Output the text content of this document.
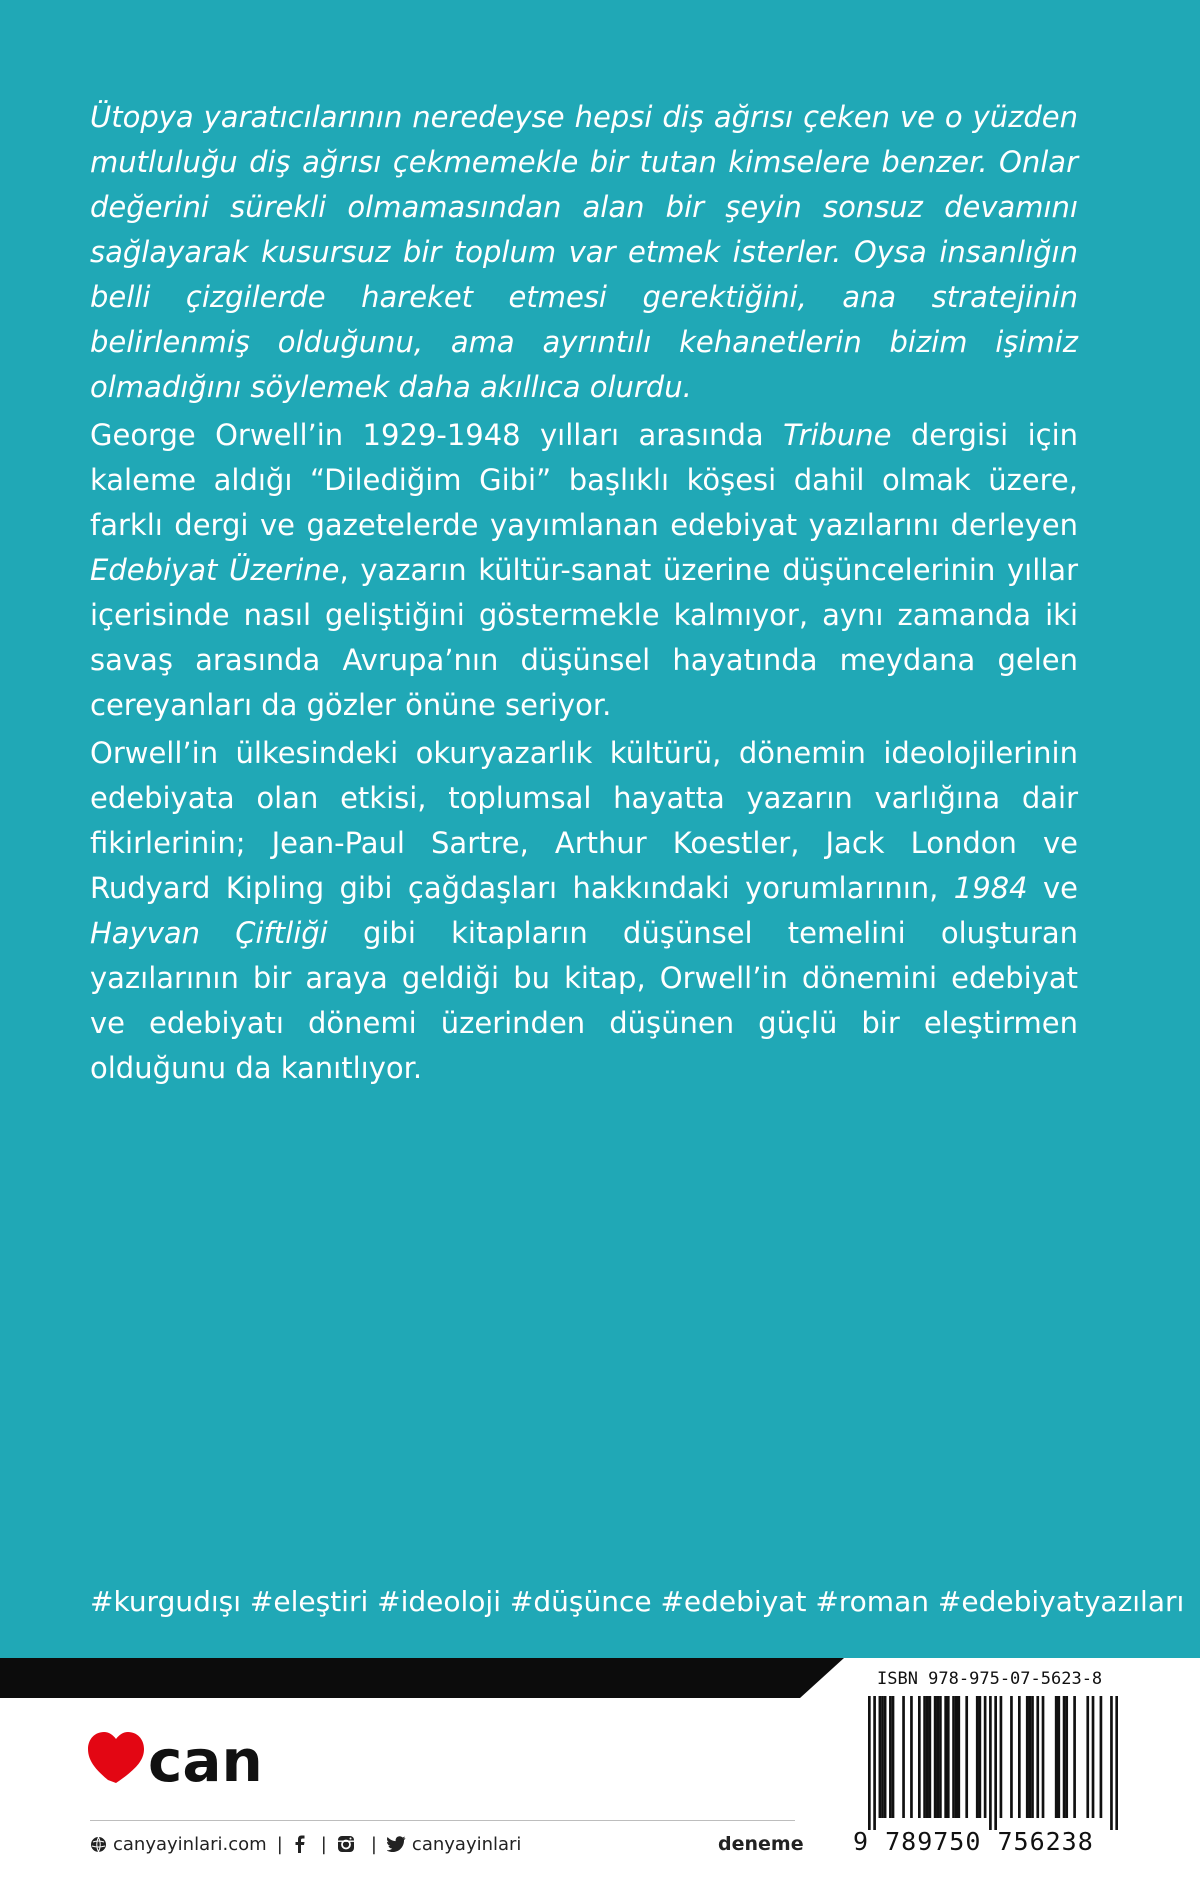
Ütopya yaratıcılarının neredeyse hepsi diş ağrısı çeken ve o yüzden mutluluğu diş ağrısı çekmemekle bir tutan kimselere benzer. Onlar değerini sürekli olmamasından alan bir şeyin sonsuz devamını sağlayarak kusursuz bir toplum var etmek isterler. Oysa insanlığın belli çizgilerde hareket etmesi gerektiğini, ana stratejinin belirlenmiş olduğunu, ama ayrıntılı kehanetlerin bizim işimiz olmadığını söylemek daha akıllıca olurdu.

George Orwell’in 1929-1948 yılları arasında Tribune dergisi için kaleme aldığı “Dilediğim Gibi” başlıklı köşesi dahil olmak üzere, farklı dergi ve gazetelerde yayımlanan edebiyat yazılarını derleyen Edebiyat Üzerine, yazarın kültür-sanat üzerine düşüncelerinin yıllar içerisinde nasıl geliştiğini göstermekle kalmıyor, aynı zamanda iki savaş arasında Avrupa’nın düşünsel hayatında meydana gelen cereyanları da gözler önüne seriyor.

Orwell’in ülkesindeki okuryazarlık kültürü, dönemin ideolojilerinin edebiyata olan etkisi, toplumsal hayatta yazarın varlığına dair fikirlerinin; Jean-Paul Sartre, Arthur Koestler, Jack London ve Rudyard Kipling gibi çağdaşları hakkındaki yorumlarının, 1984 ve Hayvan Çiftliği gibi kitapların düşünsel temelini oluşturan yazılarının bir araya geldiği bu kitap, Orwell’in dönemini edebiyat ve edebiyatı dönemi üzerinden düşünen güçlü bir eleştirmen olduğunu da kanıtlıyor.

#kurgudışı #eleştiri #ideoloji #düşünce #edebiyat #roman #edebiyatyazıları
can
canyayinlari.com | | | canyayinlari	deneme
ISBN 978-975-07-5623-8
9 789750 756238
